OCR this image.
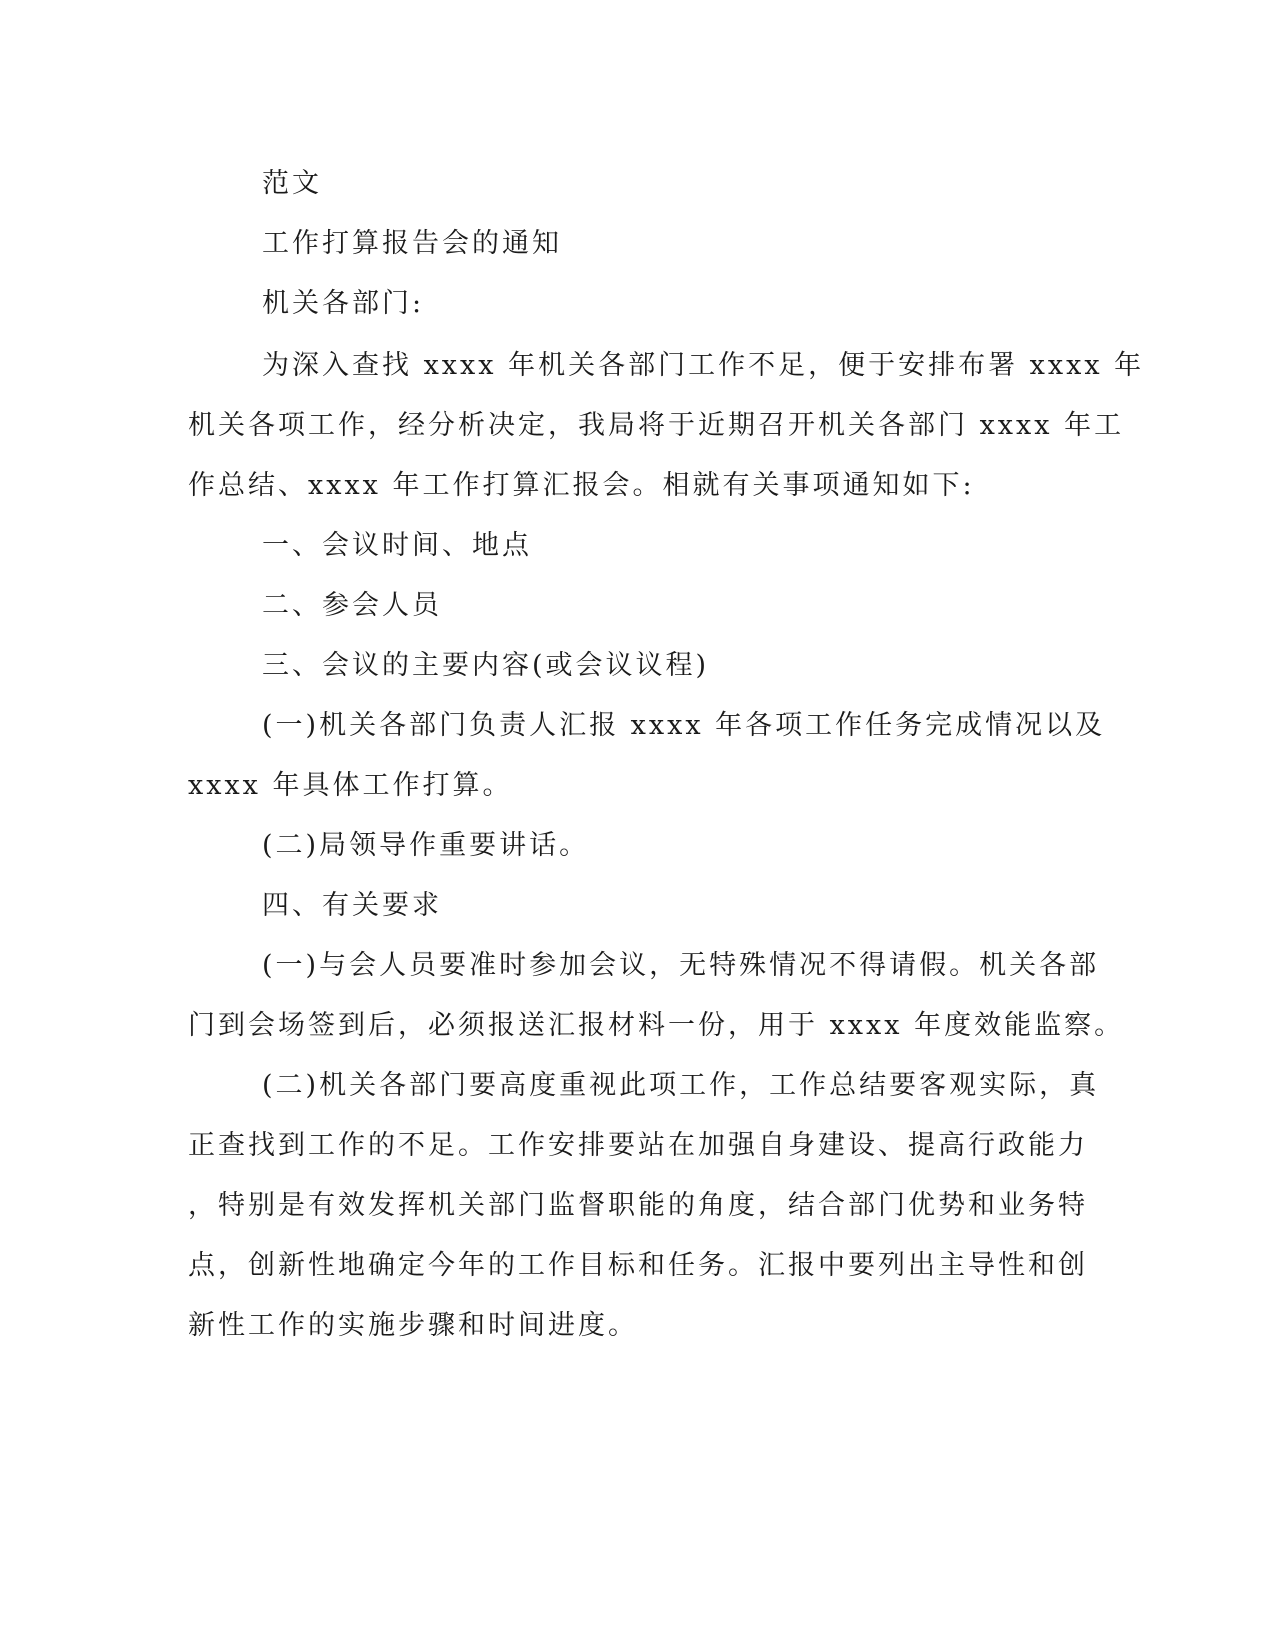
范文

工作打算报告会的通知

机关各部门:

为深入查找 xxxx 年机关各部门工作不足，便于安排布署 xxxx 年

机关各项工作，经分析决定，我局将于近期召开机关各部门 xxxx 年工

作总结、xxxx 年工作打算汇报会。相就有关事项通知如下:

一、会议时间、地点

二、参会人员

三、会议的主要内容(或会议议程)

(一)机关各部门负责人汇报 xxxx 年各项工作任务完成情况以及

xxxx 年具体工作打算。

(二)局领导作重要讲话。

四、有关要求

(一)与会人员要准时参加会议，无特殊情况不得请假。机关各部

门到会场签到后，必须报送汇报材料一份，用于 xxxx 年度效能监察。

(二)机关各部门要高度重视此项工作，工作总结要客观实际，真

正查找到工作的不足。工作安排要站在加强自身建设、提高行政能力

，特别是有效发挥机关部门监督职能的角度，结合部门优势和业务特

点，创新性地确定今年的工作目标和任务。汇报中要列出主导性和创

新性工作的实施步骤和时间进度。
